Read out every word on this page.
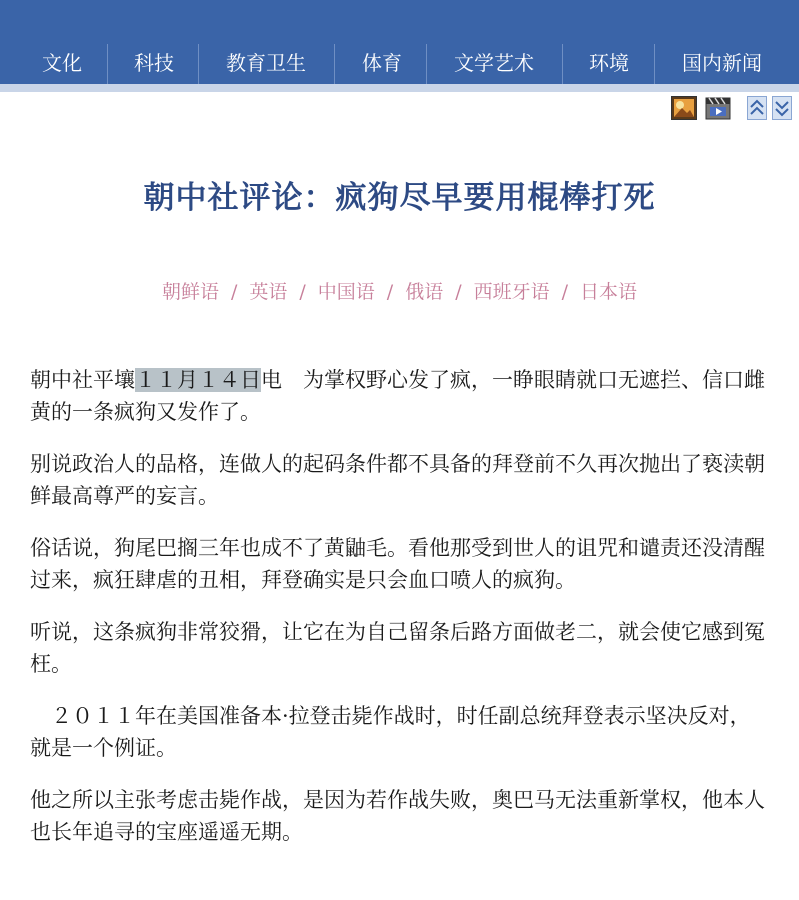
文化	科技	教育卫生	体育	文学艺术	环境	国内新闻
朝中社评论：疯狗尽早要用棍棒打死
朝鲜语 / 英语 / 中国语 / 俄语 / 西班牙语 / 日本语

朝中社平壤１１月１４日电　为掌权野心发了疯，一睁眼睛就口无遮拦、信口雌黄的一条疯狗又发作了。

别说政治人的品格，连做人的起码条件都不具备的拜登前不久再次抛出了亵渎朝鲜最高尊严的妄言。

俗话说，狗尾巴搁三年也成不了黄鼬毛。看他那受到世人的诅咒和谴责还没清醒过来，疯狂肆虐的丑相，拜登确实是只会血口喷人的疯狗。

听说，这条疯狗非常狡猾，让它在为自己留条后路方面做老二，就会使它感到冤枉。

　２０１１年在美国准备本·拉登击毙作战时，时任副总统拜登表示坚决反对，就是一个例证。

他之所以主张考虑击毙作战，是因为若作战失败，奥巴马无法重新掌权，他本人也长年追寻的宝座遥遥无期。
